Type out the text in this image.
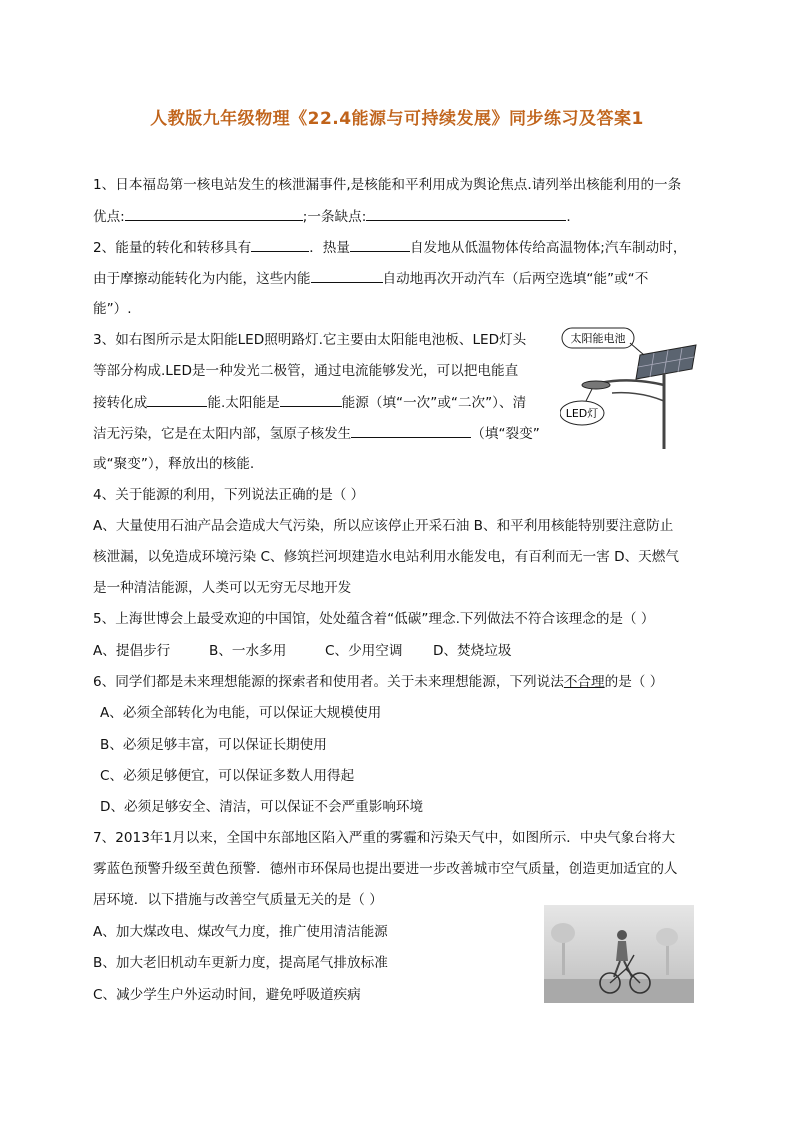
人教版九年级物理《22.4能源与可持续发展》同步练习及答案1
1、日本福岛第一核电站发生的核泄漏事件,是核能和平利用成为舆论焦点.请列举出核能利用的一条
优点:	;一条缺点:	.
2、能量的转化和转移具有	．热量	自发地从低温物体传给高温物体;汽车制动时，
由于摩擦动能转化为内能，这些内能	自动地再次开动汽车（后两空选填“能”或“不
能”）.
3、如右图所示是太阳能LED照明路灯.它主要由太阳能电池板、LED灯头
等部分构成.LED是一种发光二极管，通过电流能够发光，可以把电能直
接转化成	能.太阳能是	能源（填“一次”或“二次”）、清
洁无污染，它是在太阳内部，氢原子核发生	（填“裂变”
或“聚变”），释放出的核能.
太阳能电池
LED灯
4、关于能源的利用，下列说法正确的是（ ）
A、大量使用石油产品会造成大气污染，所以应该停止开采石油 B、和平利用核能特别要注意防止
核泄漏，以免造成环境污染 C、修筑拦河坝建造水电站利用水能发电，有百利而无一害 D、天燃气
是一种清洁能源，人类可以无穷无尽地开发
5、上海世博会上最受欢迎的中国馆，处处蕴含着“低碳”理念.下列做法不符合该理念的是（ ）
A、提倡步行	B、一水多用	C、少用空调 D、焚烧垃圾
6、同学们都是未来理想能源的探索者和使用者。关于未来理想能源，下列说法不合理的是（ ）
A、必须全部转化为电能，可以保证大规模使用
B、必须足够丰富，可以保证长期使用
C、必须足够便宜，可以保证多数人用得起
D、必须足够安全、清洁，可以保证不会严重影响环境
7、2013年1月以来，全国中东部地区陷入严重的雾霾和污染天气中，如图所示．中央气象台将大
雾蓝色预警升级至黄色预警．德州市环保局也提出要进一步改善城市空气质量，创造更加适宜的人
居环境．以下措施与改善空气质量无关的是（ ）
A、加大煤改电、煤改气力度，推广使用清洁能源
B、加大老旧机动车更新力度，提高尾气排放标准
C、减少学生户外运动时间，避免呼吸道疾病
